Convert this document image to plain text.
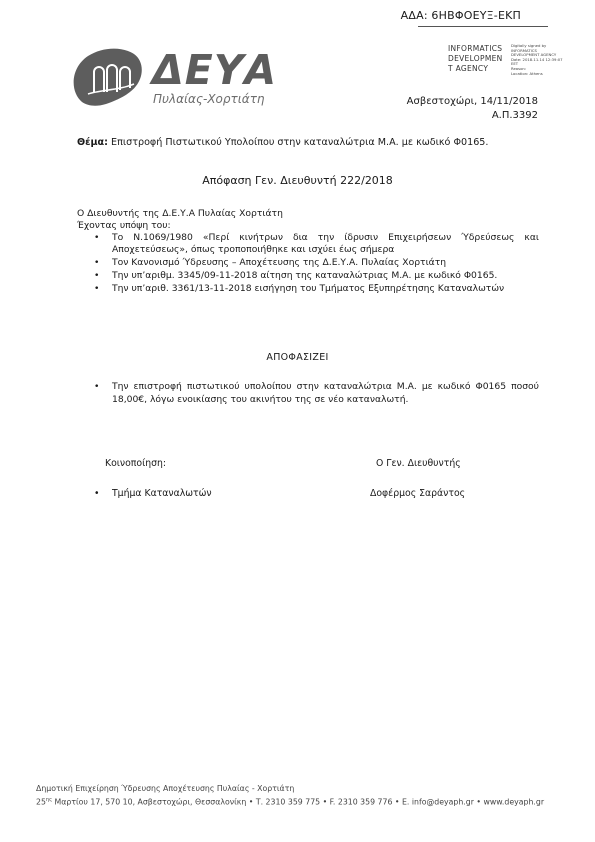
ΑΔΑ: 6ΗΒΦΟΕΥΞ-ΕΚΠ
ΔΕΥΑ
Πυλαίας-Χορτιάτη
INFORMATICS
DEVELOPMEN
T AGENCY
Digitally signed by
INFORMATICS
DEVELOPMENT AGENCY
Date: 2018.11.14 12:39:07
EET
Reason:
Location: Athens
Ασβεστοχώρι, 14/11/2018
Α.Π.3392
Θέμα: Επιστροφή Πιστωτικού Υπολοίπου στην καταναλώτρια Μ.Α. με κωδικό Φ0165.
Απόφαση Γεν. Διευθυντή 222/2018

Ο Διευθυντής της Δ.Ε.Υ.Α Πυλαίας Χορτιάτη

Έχοντας υπόψη του:

• Το Ν.1069/1980 «Περί κινήτρων δια την ίδρυσιν Επιχειρήσεων Ύδρεύσεως και Αποχετεύσεως», όπως τροποποιήθηκε και ισχύει έως σήμερα
• Τον Κανονισμό Ύδρευσης – Αποχέτευσης της Δ.Ε.Υ.Α. Πυλαίας Χορτιάτη
• Την υπ’αριθμ. 3345/09-11-2018 αίτηση της καταναλώτριας Μ.Α. με κωδικό Φ0165.
• Την υπ’αριθ. 3361/13-11-2018 εισήγηση του Τμήματος Εξυπηρέτησης Καταναλωτών
ΑΠΟΦΑΣΙΖΕΙ
• Την επιστροφή πιστωτικού υπολοίπου στην καταναλώτρια Μ.Α. με κωδικό Φ0165 ποσού 18,00€, λόγω ενοικίασης του ακινήτου της σε νέο καταναλωτή.
Κοινοποίηση:	Ο Γεν. Διευθυντής
• Τμήμα Καταναλωτών	Δοφέρμος Σαράντος
Δημοτική Επιχείρηση Ύδρευσης Αποχέτευσης Πυλαίας - Χορτιάτη
$25^{\eta\varsigma}$ Μαρτίου 17, 570 10, Ασβεστοχώρι, Θεσσαλονίκη • Τ. 2310 359 775 • F. 2310 359 776 • E. info@deyaph.gr • www.deyaph.gr
